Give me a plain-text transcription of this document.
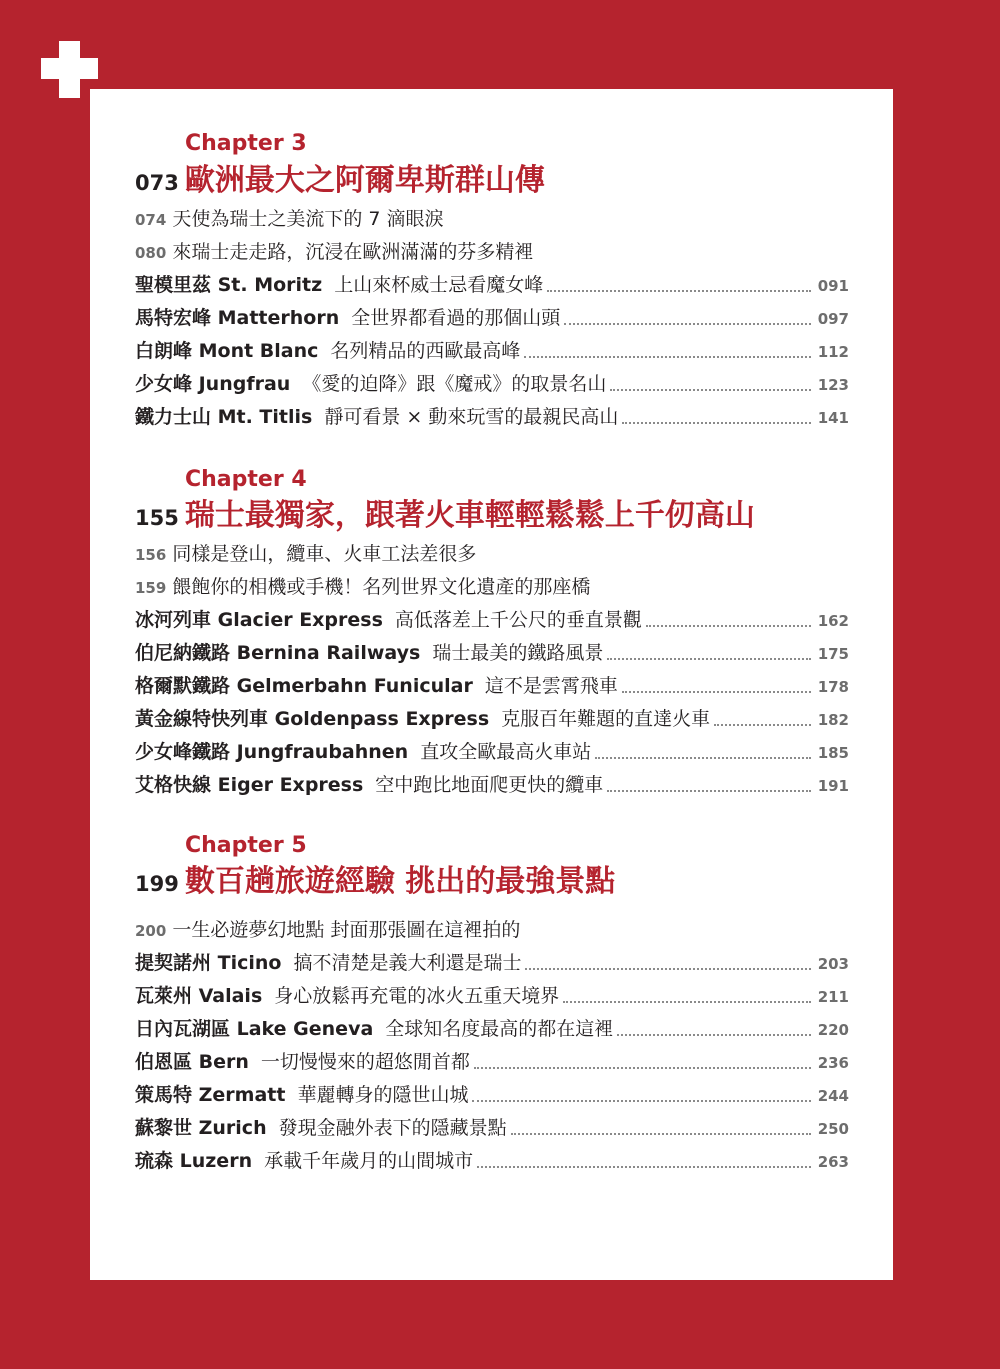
Chapter 3
073 歐洲最大之阿爾卑斯群山傳
074 天使為瑞士之美流下的 7 滴眼淚
080 來瑞士走走路，沉浸在歐洲滿滿的芬多精裡
聖模里茲 St. Moritz 上山來杯威士忌看魔女峰	091
馬特宏峰 Matterhorn 全世界都看過的那個山頭	097
白朗峰 Mont Blanc 名列精品的西歐最高峰	112
少女峰 Jungfrau 《愛的迫降》跟《魔戒》的取景名山	123
鐵力士山 Mt. Titlis 靜可看景 × 動來玩雪的最親民高山	141
Chapter 4
155 瑞士最獨家，跟著火車輕輕鬆鬆上千仞高山
156 同樣是登山，纜車、火車工法差很多
159 餵飽你的相機或手機！名列世界文化遺產的那座橋
冰河列車 Glacier Express 高低落差上千公尺的垂直景觀	162
伯尼納鐵路 Bernina Railways 瑞士最美的鐵路風景	175
格爾默鐵路 Gelmerbahn Funicular 這不是雲霄飛車	178
黃金線特快列車 Goldenpass Express 克服百年難題的直達火車	182
少女峰鐵路 Jungfraubahnen 直攻全歐最高火車站	185
艾格快線 Eiger Express 空中跑比地面爬更快的纜車	191
Chapter 5
199 數百趟旅遊經驗 挑出的最強景點
200 一生必遊夢幻地點 封面那張圖在這裡拍的
提契諾州 Ticino 搞不清楚是義大利還是瑞士	203
瓦萊州 Valais 身心放鬆再充電的冰火五重天境界	211
日內瓦湖區 Lake Geneva 全球知名度最高的都在這裡	220
伯恩區 Bern 一切慢慢來的超悠閒首都	236
策馬特 Zermatt 華麗轉身的隱世山城	244
蘇黎世 Zurich 發現金融外表下的隱藏景點	250
琉森 Luzern 承載千年歲月的山間城市	263
